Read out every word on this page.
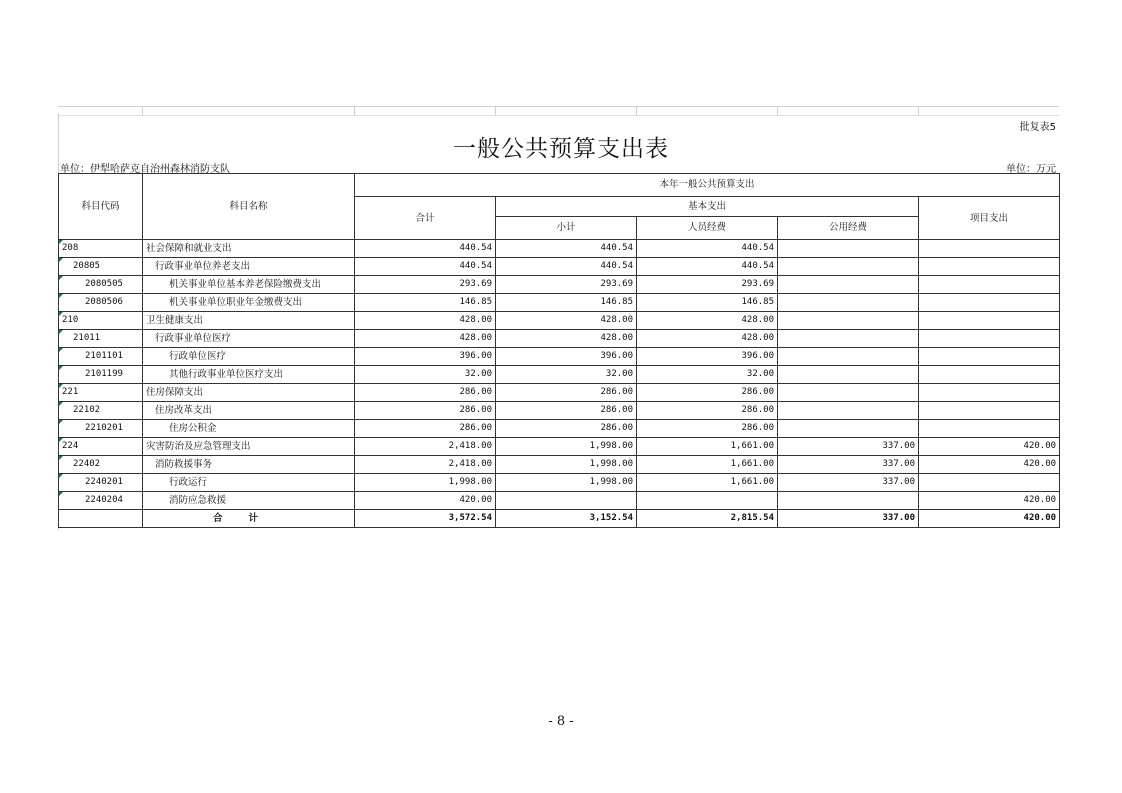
批复表5
一般公共预算支出表
单位：伊犁哈萨克自治州森林消防支队	单位：万元
科目代码	科目名称	本年一般公共预算支出				
		合计	基本支出			项目支出
			小计	人员经费	公用经费	
208	社会保障和就业支出	440.54	440.54	440.54		
20805	行政事业单位养老支出	440.54	440.54	440.54		
2080505	机关事业单位基本养老保险缴费支出	293.69	293.69	293.69		
2080506	机关事业单位职业年金缴费支出	146.85	146.85	146.85		
210	卫生健康支出	428.00	428.00	428.00		
21011	行政事业单位医疗	428.00	428.00	428.00		
2101101	行政单位医疗	396.00	396.00	396.00		
2101199	其他行政事业单位医疗支出	32.00	32.00	32.00		
221	住房保障支出	286.00	286.00	286.00		
22102	住房改革支出	286.00	286.00	286.00		
2210201	住房公积金	286.00	286.00	286.00		
224	灾害防治及应急管理支出	2,418.00	1,998.00	1,661.00	337.00	420.00
22402	消防救援事务	2,418.00	1,998.00	1,661.00	337.00	420.00
2240201	行政运行	1,998.00	1,998.00	1,661.00	337.00	
2240204	消防应急救援	420.00				420.00
	合计	3,572.54	3,152.54	2,815.54	337.00	420.00
- 8 -
